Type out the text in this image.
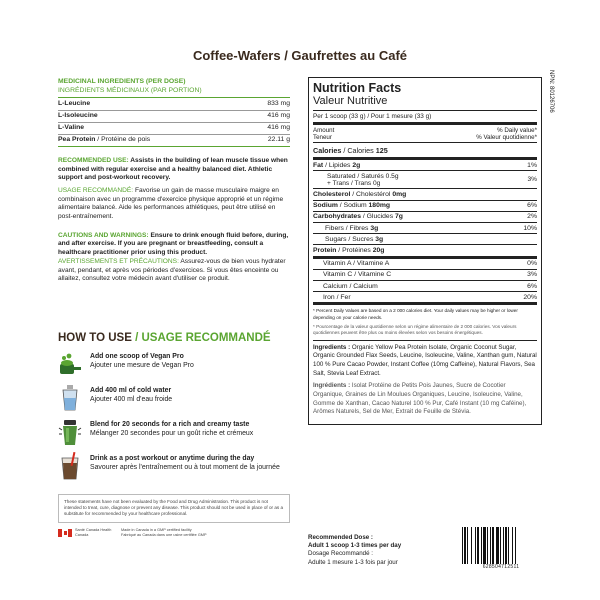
Coffee-Wafers / Gaufrettes au Café
MEDICINAL INGREDIENTS (PER DOSE)
INGRÉDIENTS MÉDICINAUX (PAR PORTION)
L-Leucine	833 mg
L-Isoleucine	416 mg
L-Valine	416 mg
Pea Protein / Protéine de pois	22.11 g

RECOMMENDED USE: Assists in the building of lean muscle tissue when combined with regular exercise and a healthy balanced diet. Athletic support and post-workout recovery.

USAGE RECOMMANDÉ: Favorise un gain de masse musculaire maigre en combinaison avec un programme d'exercice physique approprié et un régime alimentaire balancé. Aide les performances athlétiques, peut être utilisé en post-entraînement.

CAUTIONS AND WARNINGS: Ensure to drink enough fluid before, during, and after exercise. If you are pregnant or breastfeeding, consult a healthcare practitioner prior using this product.

AVERTISSEMENTS ET PRÉCAUTIONS: Assurez-vous de bien vous hydrater avant, pendant, et après vos périodes d'exercices. Si vous êtes enceinte ou allaitez, consultez votre médecin avant d'utiliser ce produit.

HOW TO USE / USAGE RECOMMANDÉ
Add one scoop of Vegan Pro
Ajouter une mesure de Vegan Pro
Add 400 ml of cold water
Ajouter 400 ml d'eau froide
Blend for 20 seconds for a rich and creamy taste
Mélanger 20 secondes pour un goût riche et crémeux
Drink as a post workout or anytime during the day
Savourer après l'entraînement ou à tout moment de la journée
These statements have not been evaluated by the Food and Drug Administration. This product is not intended to treat, cure, diagnose or prevent any disease. This product should not be used in place of or as a substitute for recommended by your healthcare professional.
Santé Canada Health Canada
Made in Canada in a GMP certified facility
Fabriqué au Canada dans une usine certifiée GMP
NPN: 80126706
Nutrition Facts
Valeur Nutritive
Per 1 scoop (33 g) / Pour 1 mesure (33 g)
Amount
Teneur
% Daily value*
% Valeur quotidienne*
Calories / Calories 125
Fat / Lipides 2g	1%
Saturated / Saturés 0.5g
+ Trans / Trans 0g	3%
Cholesterol / Cholestérol 0mg
Sodium / Sodium 180mg	6%
Carbohydrates / Glucides 7g	2%
Fibers / Fibres 3g	10%
Sugars / Sucres 3g
Protein / Protéines 20g
Vitamin A / Vitamine A	0%
Vitamin C / Vitamine C	3%
Calcium / Calcium	6%
Iron / Fer	20%

* Percent Daily Values are based on a 2 000 calories diet. Your daily values may be higher or lower depending on your calorie needs.

* Pourcentage de la valeur quotidienne selon un régime alimentaire de 2 000 calories. Vos valeurs quotidiennes peuvent être plus ou moins élevées selon vos besoins énergétiques.

Ingredients : Organic Yellow Pea Protein Isolate, Organic Coconut Sugar, Organic Grounded Flax Seeds, Leucine, Isoleucine, Valine, Xanthan gum, Natural 100 % Pure Cacao Powder, Instant Coffee (10mg Caffeine), Natural Flavors, Sea Salt, Stevia Leaf Extract.

Ingrédients : Isolat Protéine de Petits Pois Jaunes, Sucre de Cocotier Organique, Graines de Lin Moulues Organiques, Leucine, Isoleucine, Valine, Gomme de Xanthan, Cacao Naturel 100 % Pur, Café Instant (10 mg Caféine), Arômes Naturels, Sel de Mer, Extrait de Feuille de Stévia.

Recommended Dose :
Adult 1 scoop 1-3 times per day
Dosage Recommandé :
Adulte 1 mesure 1-3 fois par jour
628504712511
